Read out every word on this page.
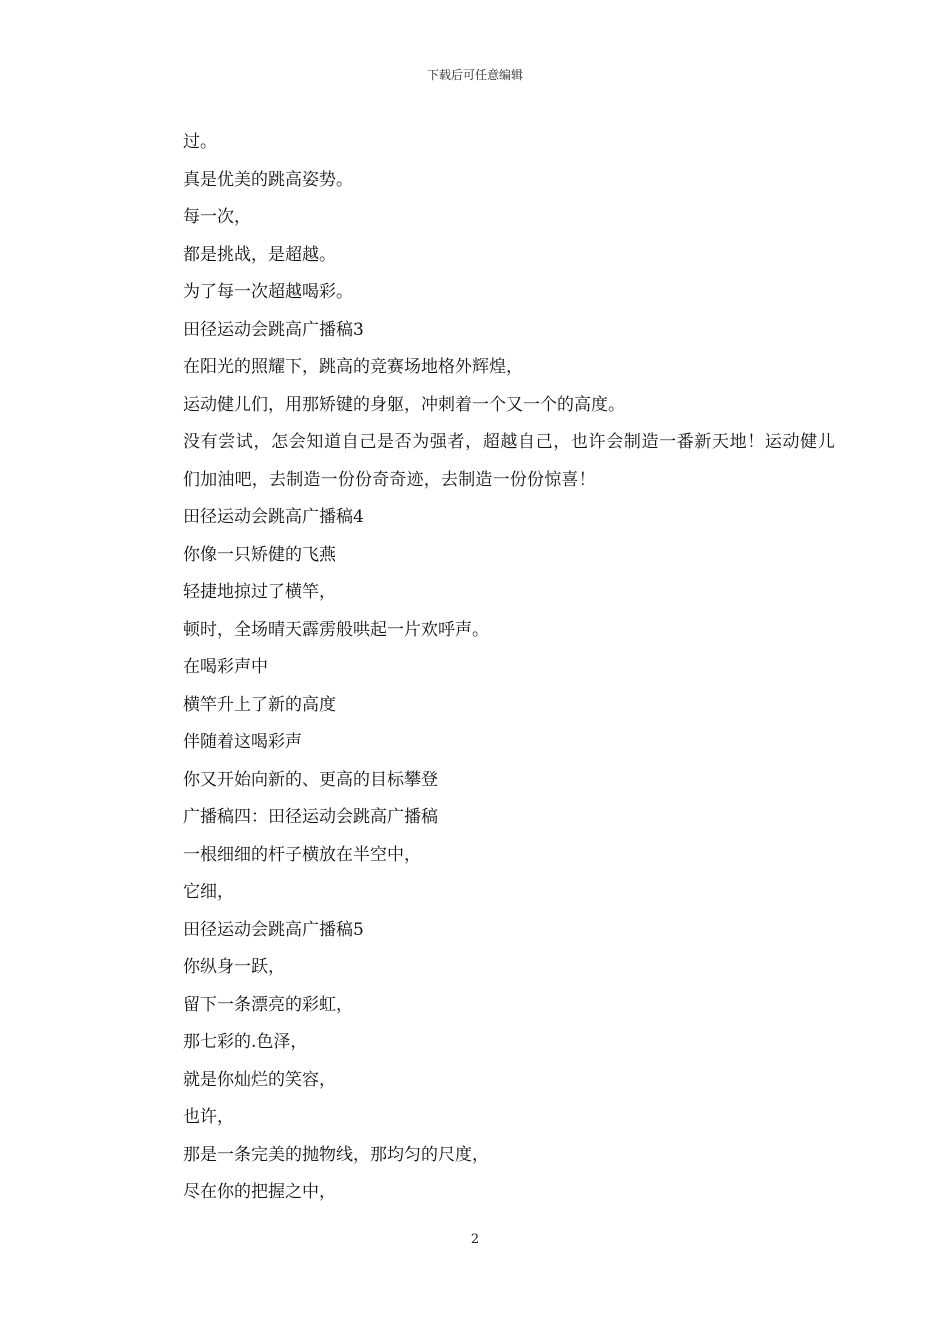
下载后可任意编辑

过。

真是优美的跳高姿势。

每一次，

都是挑战，是超越。

为了每一次超越喝彩。

田径运动会跳高广播稿3

在阳光的照耀下，跳高的竞赛场地格外辉煌，

运动健儿们，用那矫键的身躯，冲刺着一个又一个的高度。

没有尝试，怎会知道自己是否为强者，超越自己，也许会制造一番新天地！运动健儿们加油吧，去制造一份份奇奇迹，去制造一份份惊喜！

田径运动会跳高广播稿4

你像一只矫健的飞燕

轻捷地掠过了横竿，

顿时，全场晴天霹雳般哄起一片欢呼声。

在喝彩声中

横竿升上了新的高度

伴随着这喝彩声

你又开始向新的、更高的目标攀登

广播稿四：田径运动会跳高广播稿

一根细细的杆子横放在半空中，

它细，

田径运动会跳高广播稿5

你纵身一跃，

留下一条漂亮的彩虹，

那七彩的.色泽，

就是你灿烂的笑容，

也许，

那是一条完美的抛物线，那均匀的尺度，

尽在你的把握之中，

2
